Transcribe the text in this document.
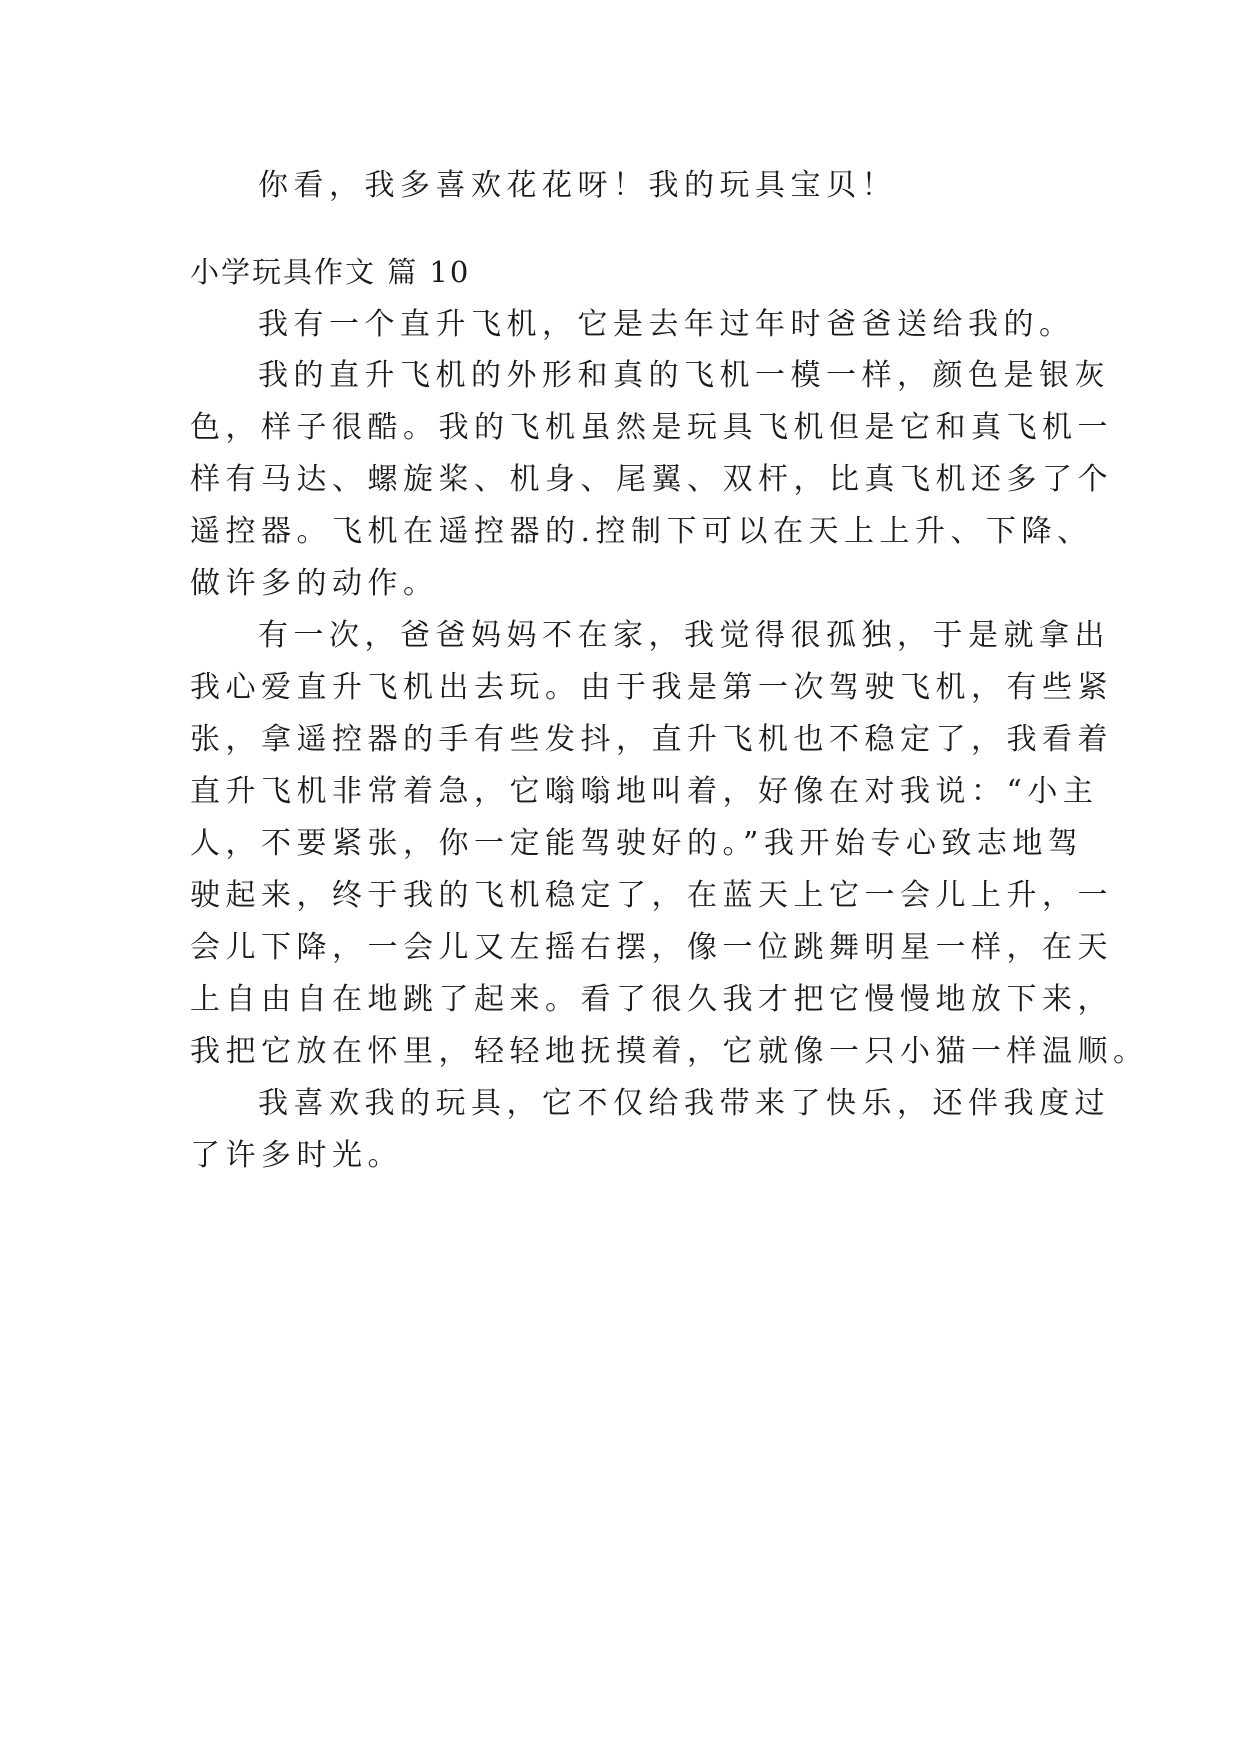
你看，我多喜欢花花呀！我的玩具宝贝！
小学玩具作文 篇 10
我有一个直升飞机，它是去年过年时爸爸送给我的。
我的直升飞机的外形和真的飞机一模一样，颜色是银灰
色，样子很酷。我的飞机虽然是玩具飞机但是它和真飞机一
样有马达、螺旋桨、机身、尾翼、双杆，比真飞机还多了个
遥控器。飞机在遥控器的.控制下可以在天上上升、下降、
做许多的动作。
有一次，爸爸妈妈不在家，我觉得很孤独，于是就拿出
我心爱直升飞机出去玩。由于我是第一次驾驶飞机，有些紧
张，拿遥控器的手有些发抖，直升飞机也不稳定了，我看着
直升飞机非常着急，它嗡嗡地叫着，好像在对我说：“小主
人，不要紧张，你一定能驾驶好的。”我开始专心致志地驾
驶起来，终于我的飞机稳定了，在蓝天上它一会儿上升，一
会儿下降，一会儿又左摇右摆，像一位跳舞明星一样，在天
上自由自在地跳了起来。看了很久我才把它慢慢地放下来，
我把它放在怀里，轻轻地抚摸着，它就像一只小猫一样温顺。
我喜欢我的玩具，它不仅给我带来了快乐，还伴我度过
了许多时光。
